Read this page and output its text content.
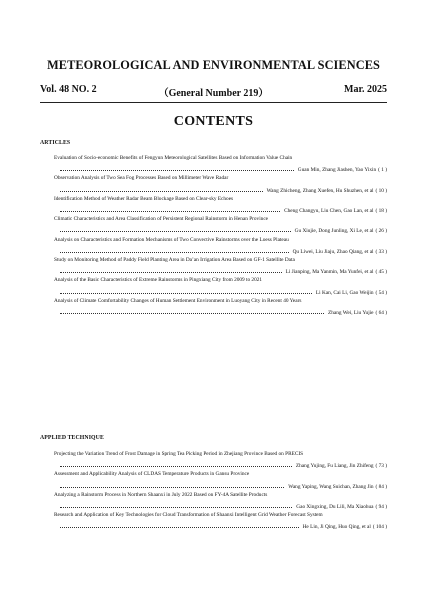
METEOROLOGICAL AND ENVIRONMENTAL SCIENCES
Vol. 48 NO. 2	（General Number 219）	Mar. 2025
CONTENTS
ARTICLES
Evaluation of Socio-economic Benefits of Fengyun Meteorological Satellites Based on Information Value Chain
Guan Min, Zhang Jiashen, Yao Yixin ( 1 )
Observation Analysis of Two Sea Fog Processes Based on Millimeter Wave Radar
Wang Zhicheng, Zhang Xuefen, Hu Shuzhen, et al ( 10 )
Identification Method of Weather Radar Beam Blockage Based on Clear-sky Echoes
Cheng Changyu, Liu Chen, Gao Lan, et al ( 18 )
Climatic Characteristics and Area Classification of Persistent Regional Rainstorm in Henan Province
Gu Xiujie, Dong Junling, Xi Le, et al ( 26 )
Analysis on Characteristics and Formation Mechanisms of Two Convective Rainstorms over the Loess Plateau
Qu Liwei, Liu Jiaju, Zhao Qiang, et al ( 33 )
Study on Monitoring Method of Paddy Field Planting Area in Da’an Irrigation Area Based on GF-1 Satellite Data
Li Jianping, Ma Yanmin, Ma Yunfei, et al ( 45 )
Analysis of the Basic Characteristics of Extreme Rainstorms in Pingxiang City from 2009 to 2021
Li Kan, Cai Li, Gao Weijin ( 54 )
Analysis of Climate Comfortability Changes of Human Settlement Environment in Luoyang City in Recent 40 Years
Zhang Wei, Liu Yujie ( 64 )
APPLIED TECHNIQUE
Projecting the Variation Trend of Frost Damage in Spring Tea Picking Period in Zhejiang Province Based on PRECIS
Zhang Yujing, Fu Liang, Jin Zhifeng ( 73 )
Assessment and Applicability Analysis of CLDAS Temperature Products in Gansu Province
Wang Yaping, Wang Suichan, Zhang Jin ( 84 )
Analyzing a Rainstorm Process in Northern Shaanxi in July 2022 Based on FY-4A Satellite Products
Gao Xingxing, Du Lili, Ma Xiaohua ( 94 )
Research and Application of Key Technologies for Cloud Transformation of Shaanxi Intelligent Grid Weather Forecast System
He Lin, Ji Qing, Huo Qing, et al ( 104 )
